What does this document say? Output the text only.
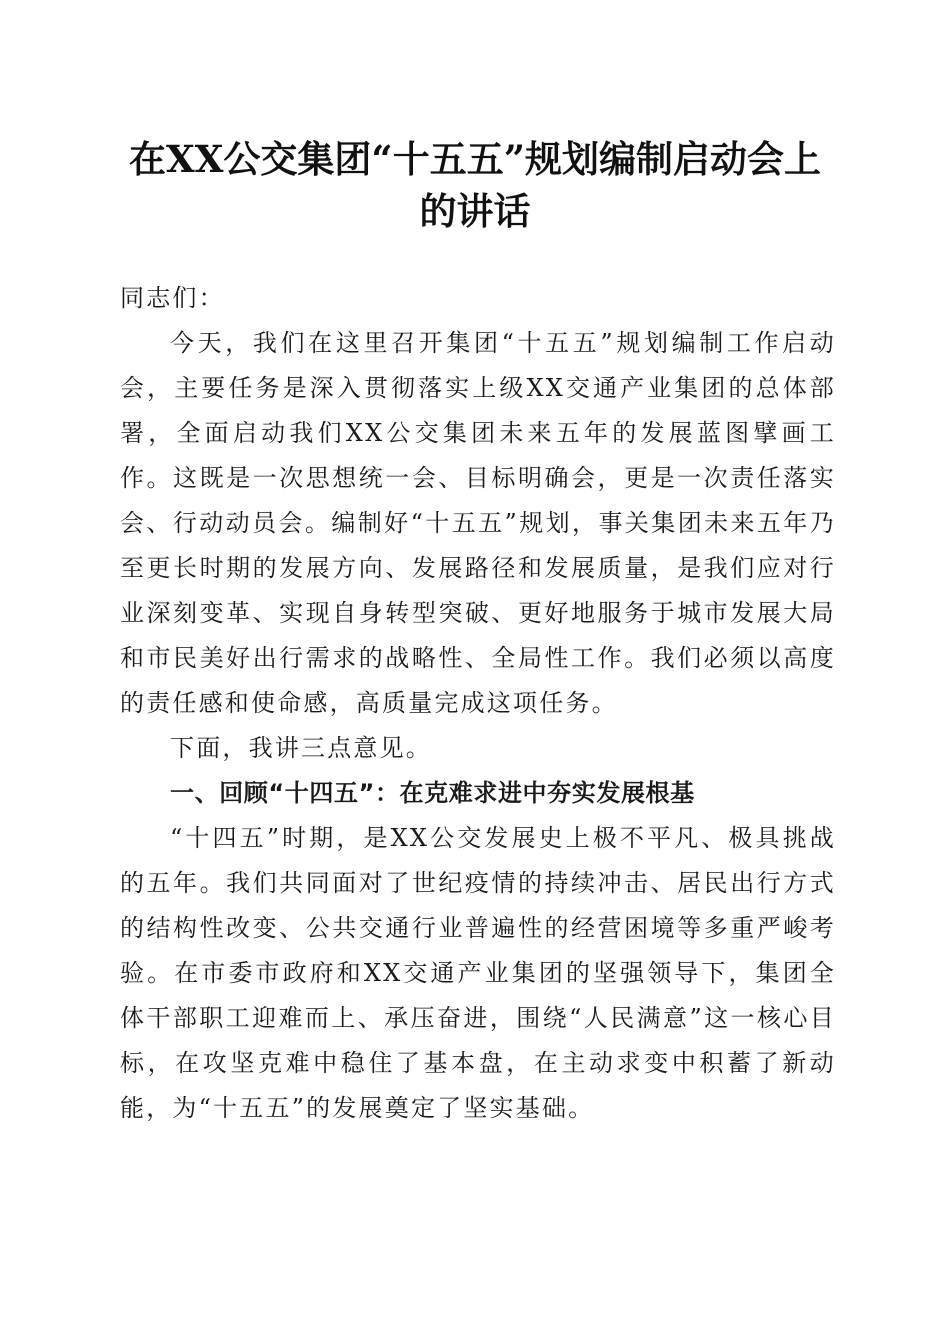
在XX公交集团“十五五”规划编制启动会上
的讲话

同志们：

今天，我们在这里召开集团“十五五”规划编制工作启动会，主要任务是深入贯彻落实上级XX交通产业集团的总体部署，全面启动我们XX公交集团未来五年的发展蓝图擘画工作。这既是一次思想统一会、目标明确会，更是一次责任落实会、行动动员会。编制好“十五五”规划，事关集团未来五年乃至更长时期的发展方向、发展路径和发展质量，是我们应对行业深刻变革、实现自身转型突破、更好地服务于城市发展大局和市民美好出行需求的战略性、全局性工作。我们必须以高度的责任感和使命感，高质量完成这项任务。

下面，我讲三点意见。

一、回顾“十四五”：在克难求进中夯实发展根基

“十四五”时期，是XX公交发展史上极不平凡、极具挑战的五年。我们共同面对了世纪疫情的持续冲击、居民出行方式的结构性改变、公共交通行业普遍性的经营困境等多重严峻考验。在市委市政府和XX交通产业集团的坚强领导下，集团全体干部职工迎难而上、承压奋进，围绕“人民满意”这一核心目标，在攻坚克难中稳住了基本盘，在主动求变中积蓄了新动能，为“十五五”的发展奠定了坚实基础。
